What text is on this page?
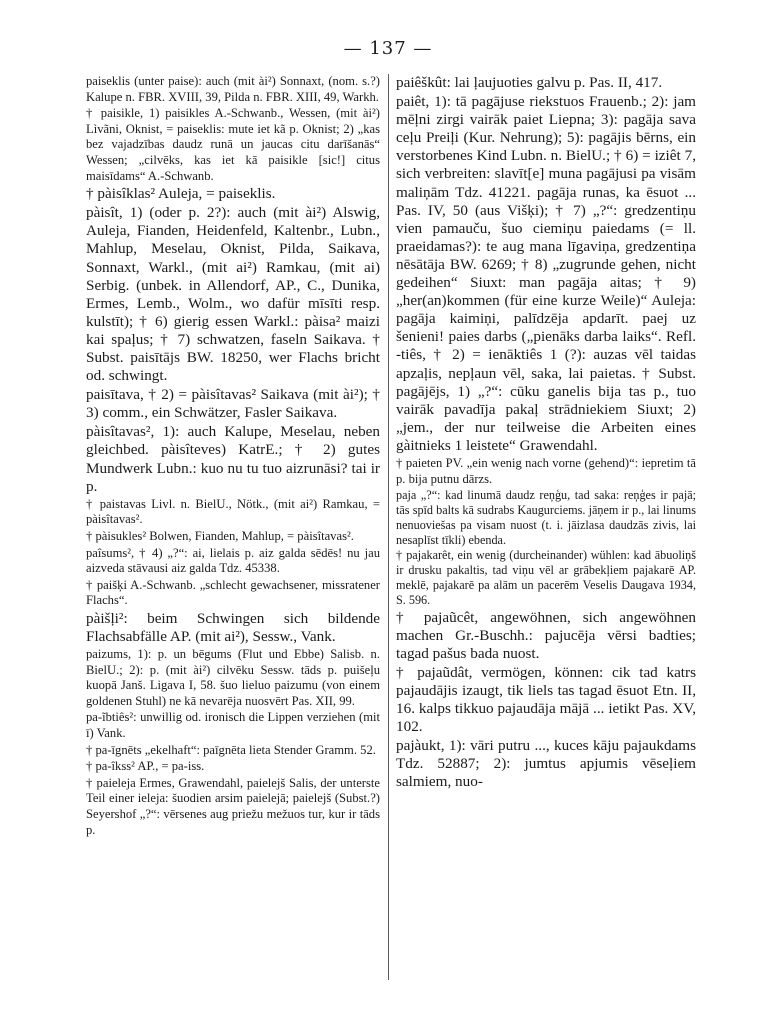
— 137 —

paiseklis (unter paise): auch (mit ài²) Sonnaxt, (nom. s.?) Kalupe n. FBR. XVIII, 39, Pilda n. FBR. XIII, 49, Warkh.

† paisikle, 1) paisikles A.-Schwanb., Wessen, (mit ài²) Lìvãni, Oknist, = paiseklis: mute iet kã p. Oknist; 2) „kas bez vajadzības daudz runā un jaucas citu darīšanās“ Wessen; „cilvēks, kas iet kā paisikle [sic!] citus maisīdams“ A.-Schwanb.

† pàisîklas² Auleja, = paiseklis.

pàisît, 1) (oder p. 2?): auch (mit ài²) Alswig, Auleja, Fianden, Heidenfeld, Kaltenbr., Lubn., Mahlup, Meselau, Oknist, Pilda, Saikava, Sonnaxt, Warkl., (mit ai²) Ramkau, (mit ai) Serbig. (unbek. in Allendorf, AP., C., Dunika, Ermes, Lemb., Wolm., wo dafür mīsīti resp. kulstīt); † 6) gierig essen Warkl.: pàisa² maizi kai spaļus; † 7) schwatzen, faseln Saikava. † Subst. paisītājs BW. 18250, wer Flachs bricht od. schwingt.

paisītava, † 2) = pàisîtavas² Saikava (mit ài²); † 3) comm., ein Schwätzer, Fasler Saikava.

pàisîtavas², 1): auch Kalupe, Meselau, neben gleichbed. pàisîteves) KatrE.; † 2) gutes Mundwerk Lubn.: kuo nu tu tuo aizrunāsi? tai ir p.

† paistavas Livl. n. BielU., Nötk., (mit ai²) Ramkau, = pàisîtavas².

† pàisukles² Bolwen, Fianden, Mahlup, = pàisîtavas².

paîsums², † 4) „?“: ai, lielais p. aiz galda sēdēs! nu jau aizveda stāvausi aiz galda Tdz. 45338.

† paišķi A.-Schwanb. „schlecht gewachsener, missratener Flachs“.

pàišļi²: beim Schwingen sich bildende Flachsabfälle AP. (mit ai²), Sessw., Vank.

paizums, 1): p. un bēgums (Flut und Ebbe) Salisb. n. BielU.; 2): p. (mit ài²) cilvēku Sessw. tāds p. puišeļu kuopā Janš. Ligava I, 58. šuo lieluo paizumu (von einem goldenen Stuhl) ne kā nevarēja nuosvērt Pas. XII, 99.

pa-ĩbtiês²: unwillig od. ironisch die Lippen verziehen (mit ī) Vank.

† pa-īgnēts „ekelhaft“: paīgnēta lieta Stender Gramm. 52.

† pa-îkss² AP., = pa-iss.

† paieleja Ermes, Grawendahl, paielejš Salis, der unterste Teil einer ieleja: šuodien arsim paielejā; paielejš (Subst.?) Seyershof „?“: vērsenes aug priežu mežuos tur, kur ir tāds p.

paiêškût: lai ļaujuoties galvu p. Pas. II, 417.

paiêt, 1): tā pagājuse riekstuos Frauenb.; 2): jam mēļni zirgi vairāk paiet Liepna; 3): pagāja sava ceļu Preiļi (Kur. Nehrung); 5): pagājis bērns, ein verstorbenes Kind Lubn. n. BielU.; † 6) = iziêt 7, sich verbreiten: slavīt[e] muna pagājusi pa visām maliņām Tdz. 41221. pagāja runas, ka ēsuot ... Pas. IV, 50 (aus Višķi); † 7) „?“: gredzentiņu vien pamauču, šuo ciemiņu paiedams (= ll. praeidamas?): te aug mana līgaviņa, gredzentiņa nēsātāja BW. 6269; † 8) „zugrunde gehen, nicht gedeihen“ Siuxt: man pagāja aitas; † 9) „her(an)kommen (für eine kurze Weile)“ Auleja: pagāja kaimiņi, palīdzēja apdarīt. paej uz šenieni! paies darbs („pienāks darba laiks“. Refl. -tiês, † 2) = ienāktiês 1 (?): auzas vēl taidas apzaļis, nepļaun vēl, saka, lai paietas. † Subst. pagājējs, 1) „?“: cūku ganelis bija tas p., tuo vairāk pavadīja pakaļ strādniekiem Siuxt; 2) „jem., der nur teilweise die Arbeiten eines gàitnieks 1 leistete“ Grawendahl.

† paieten PV. „ein wenig nach vorne (gehend)“: iepretim tā p. bija putnu dārzs.

paja „?“: kad linumā daudz reņģu, tad saka: reņģes ir pajā; tās spīd balts kā sudrabs Kaugurciems. jāņem ir p., lai linums nenuoviešas pa visam nuost (t. i. jāizlasa daudzās zivis, lai nesaplīst tīkli) ebenda.

† pajakarêt, ein wenig (durcheinander) wühlen: kad ābuoliņš ir drusku pakaltis, tad viņu vēl ar grābekļiem pajakarē AP. meklē, pajakarē pa alām un pacerēm Veselis Daugava 1934, S. 596.

† pajaũcêt, angewöhnen, sich angewöhnen machen Gr.-Buschh.: pajucēja vērsi badties; tagad pašus bada nuost.

† pajaũdât, vermögen, können: cik tad katrs pajaudājis izaugt, tik liels tas tagad ēsuot Etn. II, 16. kalps tikkuo pajaudāja mājā ... ietikt Pas. XV, 102.

pajàukt, 1): vāri putru ..., kuces kāju pajaukdams Tdz. 52887; 2): jumtus apjumis vēseļiem salmiem, nuo-
